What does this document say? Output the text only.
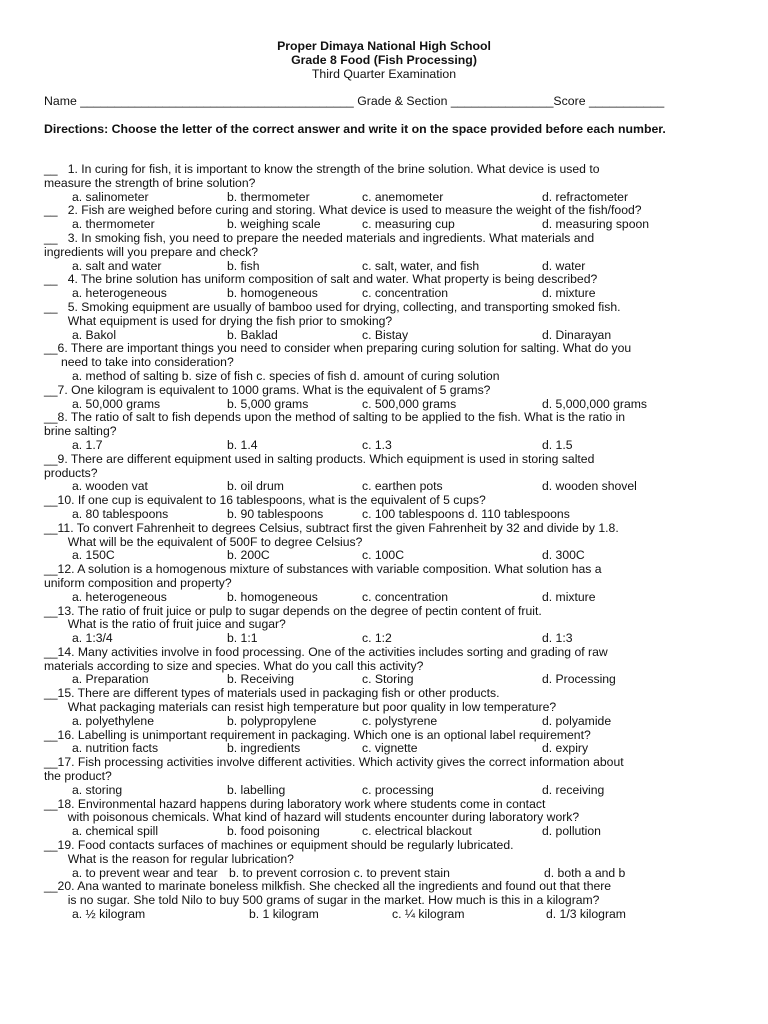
Proper Dimaya National High School
Grade 8 Food (Fish Processing)
Third Quarter Examination
Name ________________________________________ Grade & Section _______________Score ___________
Directions: Choose the letter of the correct answer and write it on the space provided before each number.
__   1. In curing for fish, it is important to know the strength of the brine solution. What device is used to
measure the strength of brine solution?
a. salinometer	b. thermometer	c. anemometer	d. refractometer
__   2. Fish are weighed before curing and storing. What device is used to measure the weight of the fish/food?
a. thermometer	b. weighing scale	c. measuring cup	d. measuring spoon
__   3. In smoking fish, you need to prepare the needed materials and ingredients. What materials and
ingredients will you prepare and check?
a. salt and water	b. fish	c. salt, water, and fish	d. water
__   4. The brine solution has uniform composition of salt and water. What property is being described?
a. heterogeneous	b. homogeneous	c. concentration	d. mixture
__   5. Smoking equipment are usually of bamboo used for drying, collecting, and transporting smoked fish.
What equipment is used for drying the fish prior to smoking?
a. Bakol	b. Baklad	c. Bistay	d. Dinarayan
__6. There are important things you need to consider when preparing curing solution for salting. What do you
need to take into consideration?
a. method of salting b. size of fish c. species of fish d. amount of curing solution
__7. One kilogram is equivalent to 1000 grams. What is the equivalent of 5 grams?
a. 50,000 grams	b. 5,000 grams	c. 500,000 grams	d. 5,000,000 grams
__8. The ratio of salt to fish depends upon the method of salting to be applied to the fish. What is the ratio in
brine salting?
a. 1.7	b. 1.4	c. 1.3	d. 1.5
__9. There are different equipment used in salting products. Which equipment is used in storing salted
products?
a. wooden vat	b. oil drum	c. earthen pots	d. wooden shovel
__10. If one cup is equivalent to 16 tablespoons, what is the equivalent of 5 cups?
a. 80 tablespoons	b. 90 tablespoons	c. 100 tablespoons d. 110 tablespoons
__11. To convert Fahrenheit to degrees Celsius, subtract first the given Fahrenheit by 32 and divide by 1.8.
What will be the equivalent of 500F to degree Celsius?
a. 150C	b. 200C	c. 100C	d. 300C
__12. A solution is a homogenous mixture of substances with variable composition. What solution has a
uniform composition and property?
a. heterogeneous	b. homogeneous	c. concentration	d. mixture
__13. The ratio of fruit juice or pulp to sugar depends on the degree of pectin content of fruit.
What is the ratio of fruit juice and sugar?
a. 1:3/4	b. 1:1	c. 1:2	d. 1:3
__14. Many activities involve in food processing. One of the activities includes sorting and grading of raw
materials according to size and species. What do you call this activity?
a. Preparation	b. Receiving	c. Storing	d. Processing
__15. There are different types of materials used in packaging fish or other products.
What packaging materials can resist high temperature but poor quality in low temperature?
a. polyethylene	b. polypropylene	c. polystyrene	d. polyamide
__16. Labelling is unimportant requirement in packaging. Which one is an optional label requirement?
a. nutrition facts	b. ingredients	c. vignette	d. expiry
__17. Fish processing activities involve different activities. Which activity gives the correct information about
the product?
a. storing	b. labelling	c. processing	d. receiving
__18. Environmental hazard happens during laboratory work where students come in contact
with poisonous chemicals. What kind of hazard will students encounter during laboratory work?
a. chemical spill	b. food poisoning	c. electrical blackout	d. pollution
__19. Food contacts surfaces of machines or equipment should be regularly lubricated.
What is the reason for regular lubrication?
a. to prevent wear and tear b. to prevent corrosion c. to prevent stain	d. both a and b
__20. Ana wanted to marinate boneless milkfish. She checked all the ingredients and found out that there
is no sugar. She told Nilo to buy 500 grams of sugar in the market. How much is this in a kilogram?
a. ½ kilogram	b. 1 kilogram	c. ¼ kilogram	d. 1/3 kilogram
